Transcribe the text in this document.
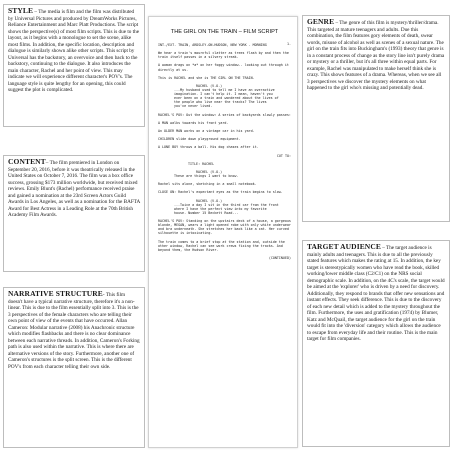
STYLE – The media is film and the film was distributed by Universal Pictures and produced by DreamWorks Pictures, Reliance Entertainment and Marc Platt Productions. The script shows the perspective(s) of most film scripts. This is due to the layout, as it begins with a monologue to set the scene, alike most films. In addition, the specific location, description and dialogue is similarly shown alike other scripts. This script by Universal has the backstory, an overvoice and then back to the backstory, continuing to the dialogue. It also introduces the main character, Rachel and her point of view. This may indicate we will experience different character's POV's. The language style is quite lengthy for an opening, this could suggest the plot is complicated.
CONTENT– The film premiered in London on September 20, 2016, before it was theatrically released in the United States on October 7, 2016. The film was a box office success, grossing $173 million worldwide, but received mixed reviews. Emily Blunt's (Rachel) performance received praise and gained a nomination at the 23rd Screen Actors Guild Awards in Los Angeles, as well as a nomination for the BAFTA Award for Best Actress in a Leading Role at the 70th British Academy Film Awards.
NARRATIVE STRUCTURE- This film doesn't have a typical narrative structure, therefore it's a non-linear. This is due to the film essentially split into 3. This is the 3 perspectives of the female characters who are telling their own point of view of the events that have occurred. Allan Cameron: Modular narrative (2008) his Anachronic structure which modifies flashbacks and there is no clear dominance between each narrative threads. In addition, Cameron's Forking path is also used within the narrative. This is where there are alternative versions of the story. Furthermore, another one of Cameron's structures is the split screen. This is the different POV's from each character telling their own side.
THE GIRL ON THE TRAIN – FILM SCRIPT
1.
INT./EXT. TRAIN, ARDSLEY-ON-HUDSON, NEW YORK - MORNING
We hear a train's mournful clatter as trees flash by and then the train itself passes in a silvery streak.
A woman drags on *a* on her foggy window-- looking out through it directly at us.
This is RACHEL and she is THE GIRL ON THE TRAIN.
RACHEL (V.O.)
...My husband used to tell me I have an overactive imagination. I can't help it. I mean, haven't you ever been on a train and wondered about the lives of the people who live near the tracks? The lives you've never lived.
RACHEL'S POV: Out the window: A series of backyards slowly passes:
A MAN walks towards his front yard.
An OLDER MAN works on a vintage car in his yard.
CHILDREN slide down playground equipment.
A LONE BOY throws a ball. His dog chases after it.
CUT TO:
TITLE: RACHEL
RACHEL (V.O.)
These are things I want to know.
Rachel sits alone, sketching in a small notebook.
CLOSE ON: Rachel's expectant eyes as the train begins to slow.
RACHEL (V.O.)
...Twice a day I sit in the third car from the front where I have the perfect view into my favorite house. Number 15 Beckett Road...
RACHEL'S POV: Standing on the upstairs deck of a house, a gorgeous blonde, MEGAN, wears a light opened robe with only white underwear and bra underneath. She stretches her back like a cat. Her curved silhouette is intoxicating.
The train comes to a brief stop at the station and, outside the other window, Rachel can see work crews fixing the tracks. And beyond them, the Hudson River.
(CONTINUED)
GENRE – The genre of this film is mystery/thriller/drama. This targeted at mature teenagers and adults. Due this combination, the film features gory elements of death, swear words, misuse of alcohol as well as scenes of a sexual nature. The girl on the train fits into Buckingham's (1993) theory that genre is in a constant process of change as the story line isn't purely drama or mystery or a thriller, but it's all three within equal parts. For example, Rachel was manipulated to make herself think she is crazy. This shows features of a drama. Whereas, when we see all 3 perspectives we discover the mystery elements on what happened to the girl who's missing and potentially dead.
TARGET AUDIENCE – The target audience is mainly adults and teenagers. This is due to all the previously stated features which makes the rating at 15. In addition, the key target is stereotypically women who have read the book, skilled working/lower middle class (C2/C1) on the NRS social demographic scale. In addition, on the 4C's scale, the target would be aimed at the 'explorer' who is driven by a need for discovery. Additionally, they respond to brands that offer new sensations and instant effects. They seek difference. This is due to the discovery of each new detail which is added to the mystery throughout the film. Furthermore, the uses and gratification (1974) by Blumer, Katz and McQuail, the target audience for the girl on the train would fit into the 'diversion' category which allows the audience to escape from everyday life and their routine. This is the main target for film companies.
